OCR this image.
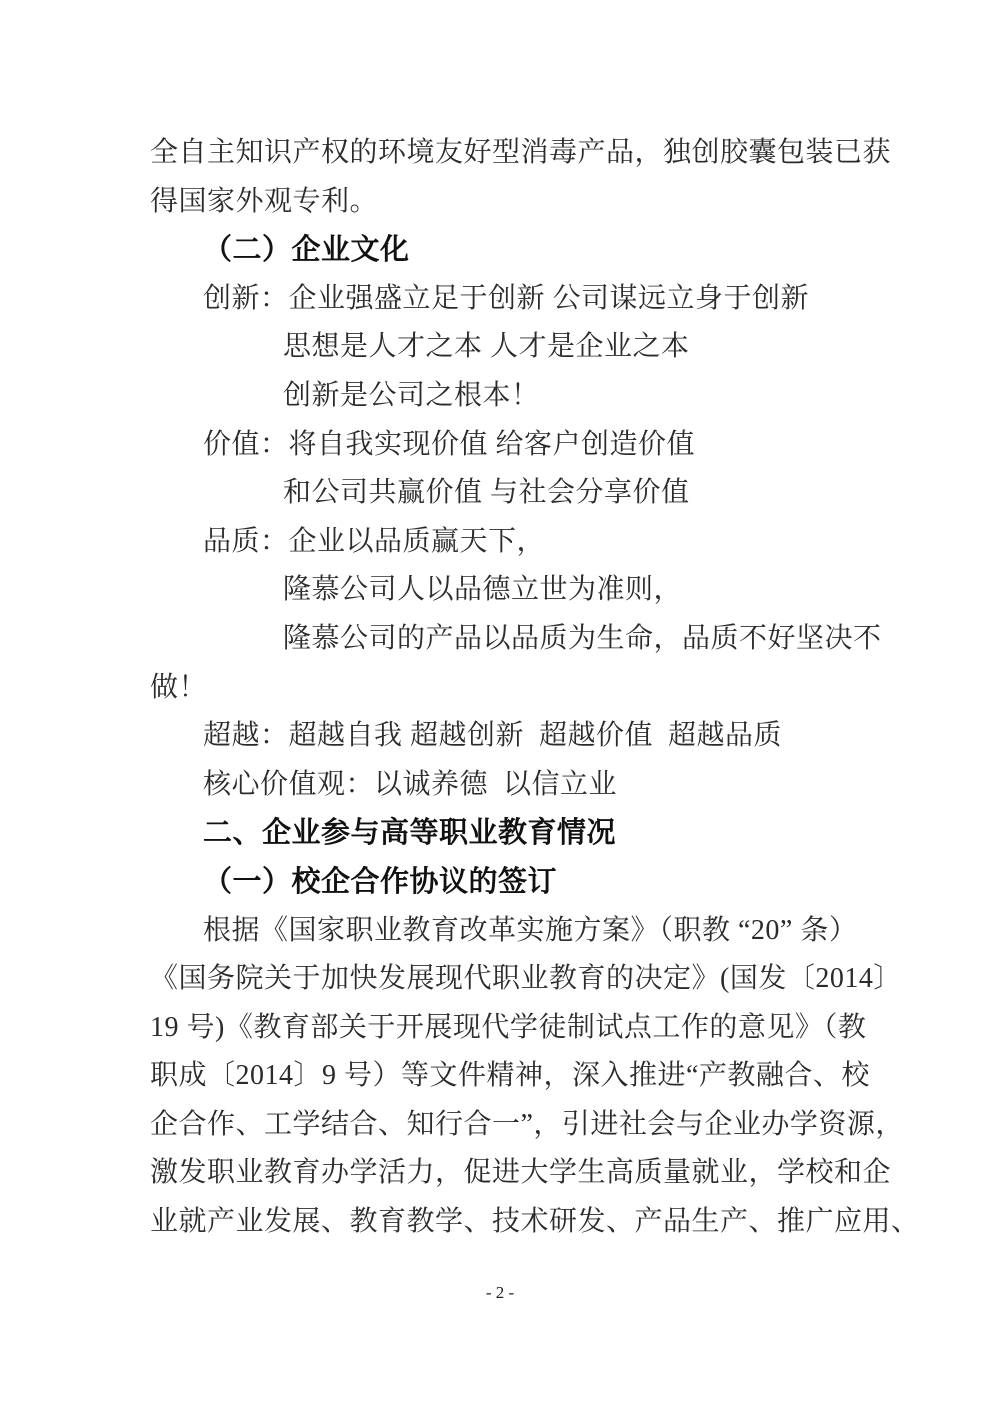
全自主知识产权的环境友好型消毒产品，独创胶囊包装已获
得国家外观专利。
（二）企业文化
创新：企业强盛立足于创新 公司谋远立身于创新
思想是人才之本 人才是企业之本
创新是公司之根本！
价值：将自我实现价值 给客户创造价值
和公司共赢价值 与社会分享价值
品质：企业以品质赢天下，
隆慕公司人以品德立世为准则，
隆慕公司的产品以品质为生命，品质不好坚决不
做！
超越：超越自我 超越创新  超越价值  超越品质
核心价值观：以诚养德  以信立业
二、企业参与高等职业教育情况
（一）校企合作协议的签订
根据《国家职业教育改革实施方案》（职教 “20” 条）
《国务院关于加快发展现代职业教育的决定》(国发〔2014〕
19 号)《教育部关于开展现代学徒制试点工作的意见》（教
职成〔2014〕9 号）等文件精神，深入推进“产教融合、校
企合作、工学结合、知行合一”，引进社会与企业办学资源，
激发职业教育办学活力，促进大学生高质量就业，学校和企
业就产业发展、教育教学、技术研发、产品生产、推广应用、
- 2 -
